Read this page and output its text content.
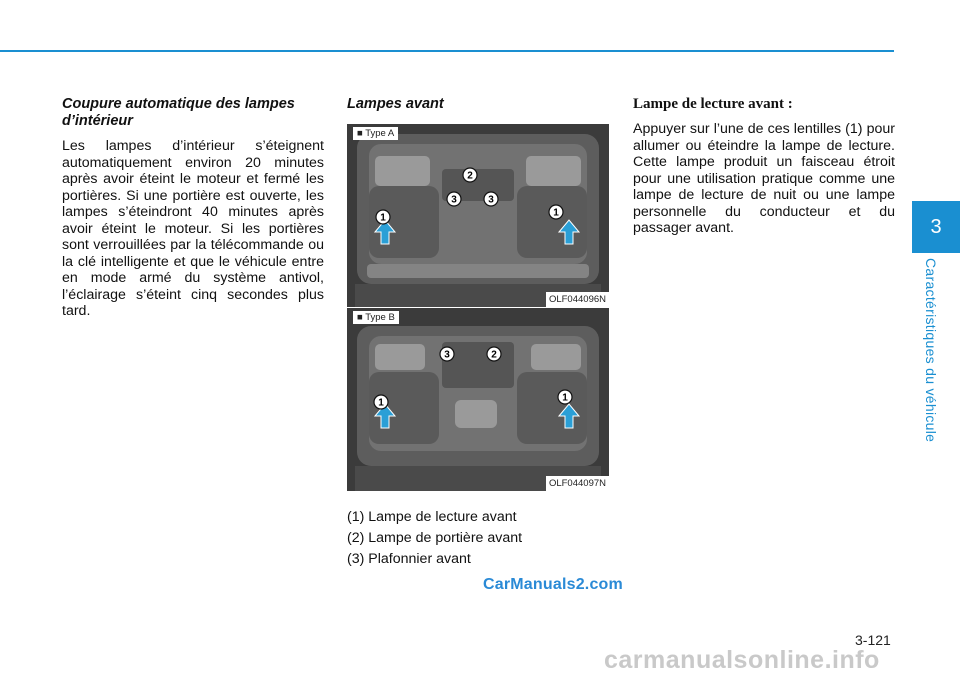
3
Caractéristiques du véhicule
Coupure automatique des lampes d’intérieur

Les lampes d’intérieur s’éteignent automatiquement environ 20 minutes après avoir éteint le moteur et fermé les portières. Si une portière est ouverte, les lampes s’éteindront 40 minutes après avoir éteint le moteur. Si les portières sont verrouillées par la télécommande ou la clé intelligente et que le véhicule entre en mode armé du système antivol, l’éclairage s’éteint cinq secondes plus tard.

Lampes avant
■ Type A
1	1
2
3	3
OLF044096N
■ Type B
1	1
2
3
OLF044097N
(1) Lampe de lecture avant
(2) Lampe de portière avant
(3) Plafonnier avant
Lampe de lecture avant :

Appuyer sur l’une de ces lentilles (1) pour allumer ou éteindre la lampe de lecture. Cette lampe produit un faisceau étroit pour une utilisation pratique comme une lampe de lecture de nuit ou une lampe personnelle du conducteur et du passager avant.

CarManuals2.com
3-121
carmanualsonline.info
